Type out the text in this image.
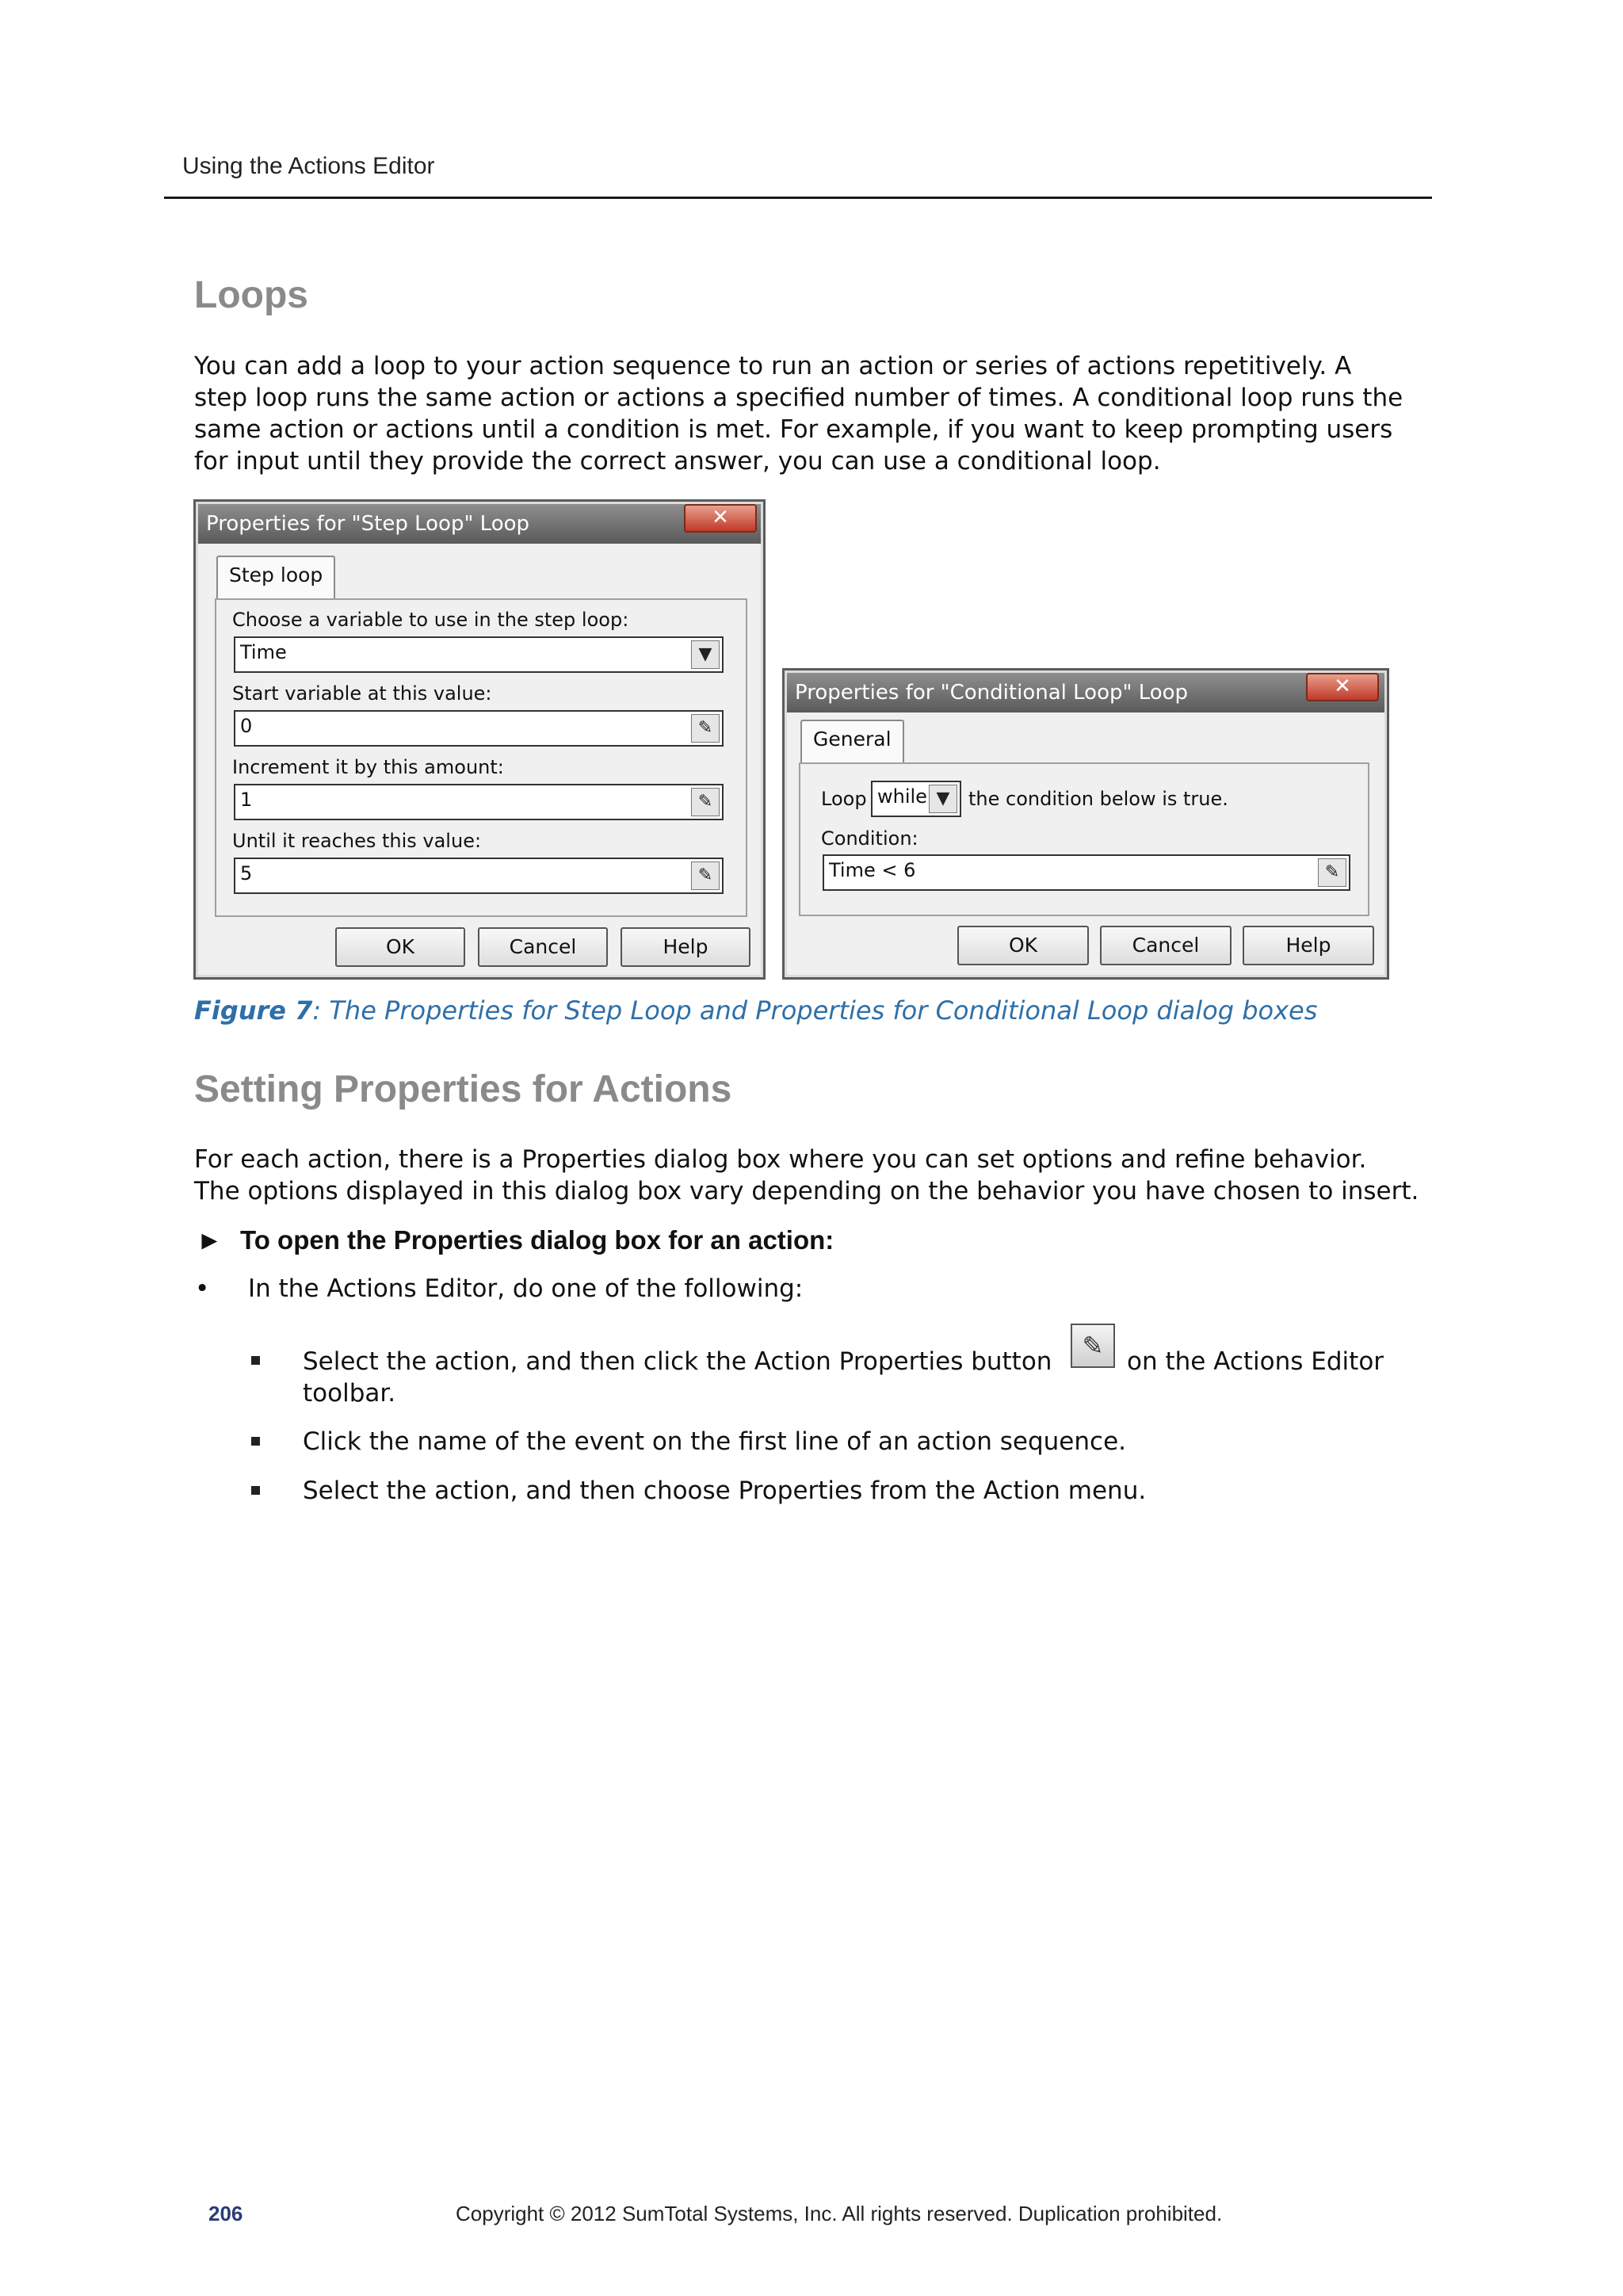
Using the Actions Editor
Loops
You can add a loop to your action sequence to run an action or series of actions repetitively. A
step loop runs the same action or actions a specified number of times. A conditional loop runs the
same action or actions until a condition is met. For example, if you want to keep prompting users
for input until they provide the correct answer, you can use a conditional loop.
Properties for "Step Loop" Loop	✕
Step loop
Choose a variable to use in the step loop:
Time	▼
Start variable at this value:
0	✎
Increment it by this amount:
1	✎
Until it reaches this value:
5	✎
OK	Cancel	Help
Properties for "Conditional Loop" Loop	✕
General
Loop while ▼ the condition below is true.
Condition:
Time < 6	✎
OK	Cancel	Help
Figure 7: The Properties for Step Loop and Properties for Conditional Loop dialog boxes
Setting Properties for Actions
For each action, there is a Properties dialog box where you can set options and refine behavior.
The options displayed in this dialog box vary depending on the behavior you have chosen to insert.
► To open the Properties dialog box for an action:
• In the Actions Editor, do one of the following:
Select the action, and then click the Action Properties button
✎
on the Actions Editor
toolbar.
Click the name of the event on the first line of an action sequence.
Select the action, and then choose Properties from the Action menu.
206	Copyright © 2012 SumTotal Systems, Inc. All rights reserved. Duplication prohibited.
